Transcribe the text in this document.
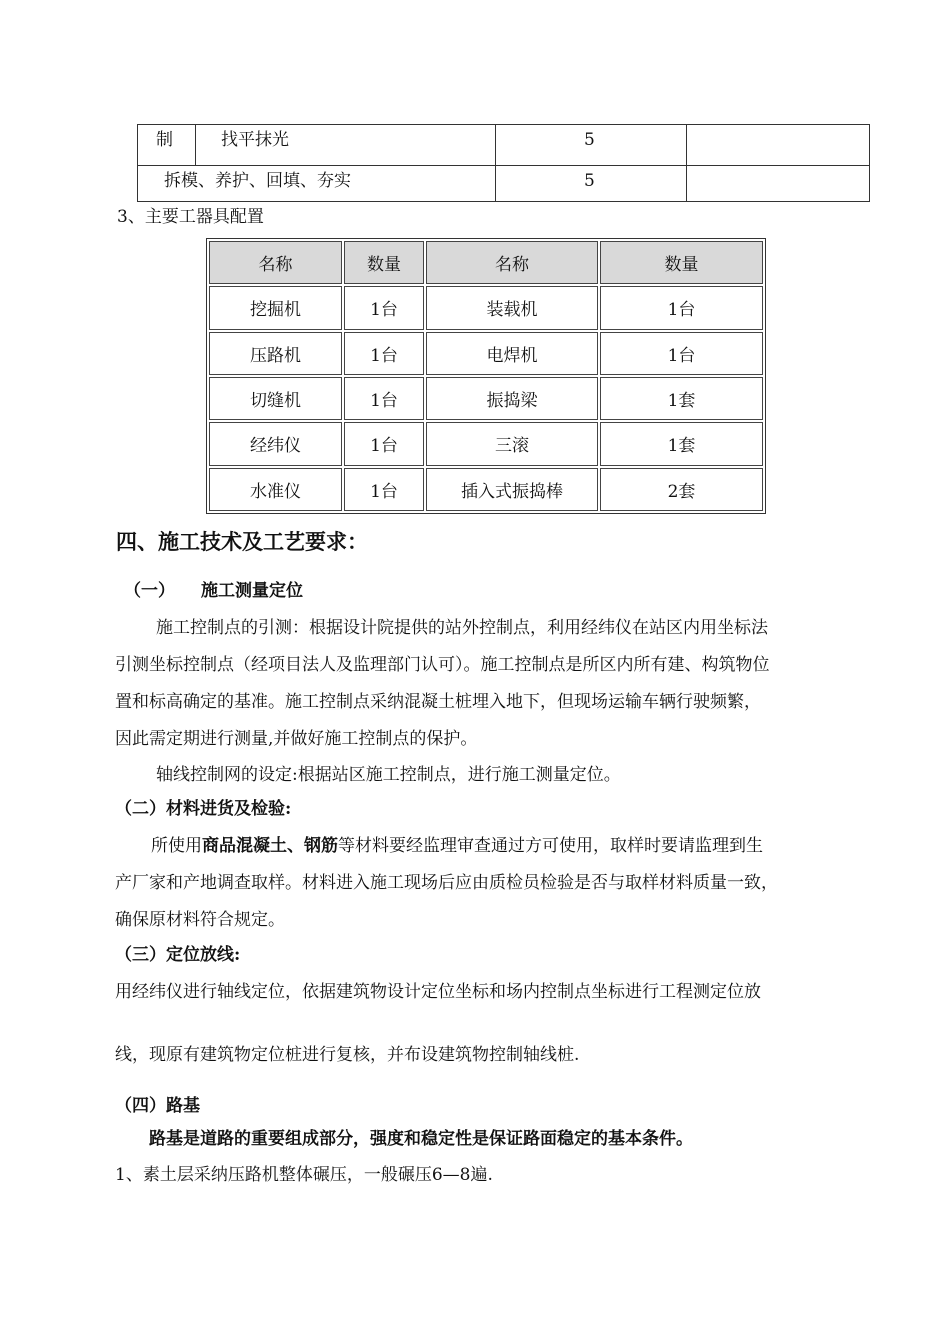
制	找平抹光	5
拆模、养护、回填、夯实	5
3、主要工器具配置
名称	数量	名称	数量
挖掘机	1台	装载机	1台
压路机	1台	电焊机	1台
切缝机	1台	振捣梁	1套
经纬仪	1台	三滚	1套
水准仪	1台	插入式振捣棒	2套
四、施工技术及工艺要求：
（一） 施工测量定位
施工控制点的引测：根据设计院提供的站外控制点，利用经纬仪在站区内用坐标法
引测坐标控制点（经项目法人及监理部门认可）。施工控制点是所区内所有建、构筑物位
置和标高确定的基准。施工控制点采纳混凝土桩埋入地下，但现场运输车辆行驶频繁，
因此需定期进行测量,并做好施工控制点的保护。
轴线控制网的设定:根据站区施工控制点，进行施工测量定位。
（二）材料进货及检验:
所使用商品混凝土、钢筋等材料要经监理审查通过方可使用，取样时要请监理到生
产厂家和产地调查取样。材料进入施工现场后应由质检员检验是否与取样材料质量一致，
确保原材料符合规定。
（三）定位放线:
用经纬仪进行轴线定位，依据建筑物设计定位坐标和场内控制点坐标进行工程测定位放
线，现原有建筑物定位桩进行复核，并布设建筑物控制轴线桩.
（四）路基
路基是道路的重要组成部分，强度和稳定性是保证路面稳定的基本条件。
1、素土层采纳压路机整体碾压，一般碾压6—8遍.
